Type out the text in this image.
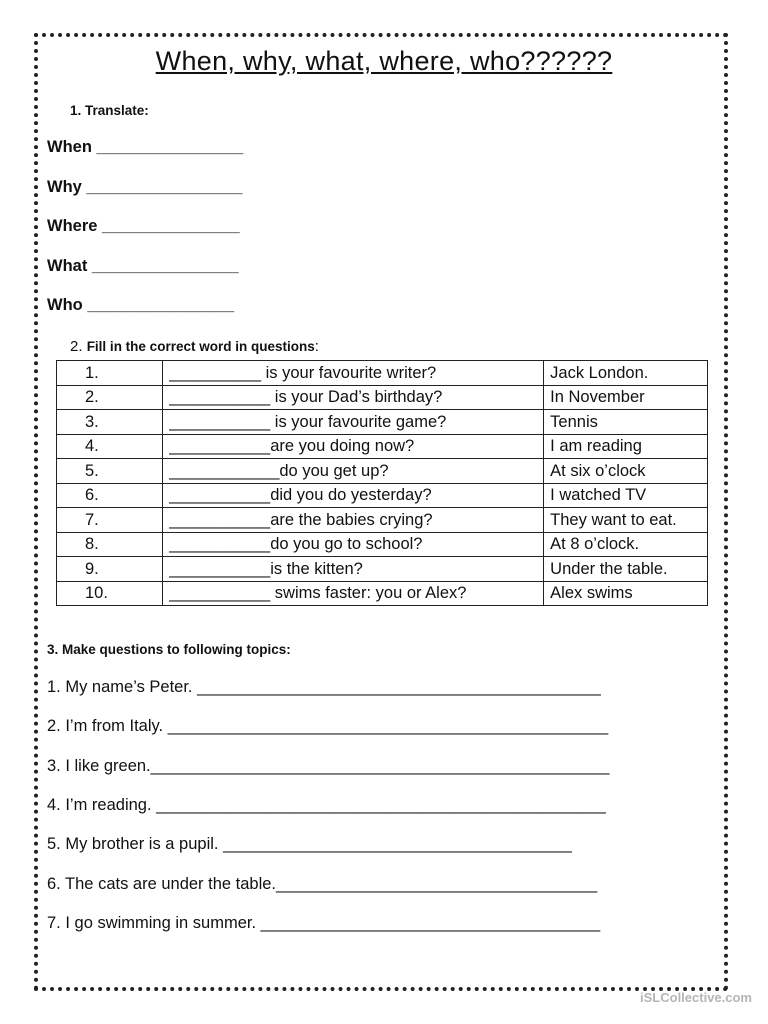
When, why, what, where, who??????
1. Translate:
When ________________
Why _________________
Where _______________
What ________________
Who ________________
2. Fill in the correct word in questions:
1.	__________ is your favourite writer?	Jack London.
2.	___________ is your Dad’s birthday?	In November
3.	___________ is your favourite game?	Tennis
4.	___________are you doing now?	I am reading
5.	____________do you get up?	At six o’clock
6.	___________did you do yesterday?	I watched TV
7.	___________are the babies crying?	They want to eat.
8.	___________do you go to school?	At 8 o’clock.
9.	___________is the kitten?	Under the table.
10.	___________ swims faster: you or Alex?	Alex swims
3. Make questions to following topics:
1. My name’s Peter. ____________________________________________
2. I’m from Italy. ________________________________________________
3. I like green.__________________________________________________
4. I’m reading. _________________________________________________
5. My brother is a pupil. ______________________________________
6. The cats are under the table.___________________________________
7. I go swimming in summer. _____________________________________
iSLCollective.com
